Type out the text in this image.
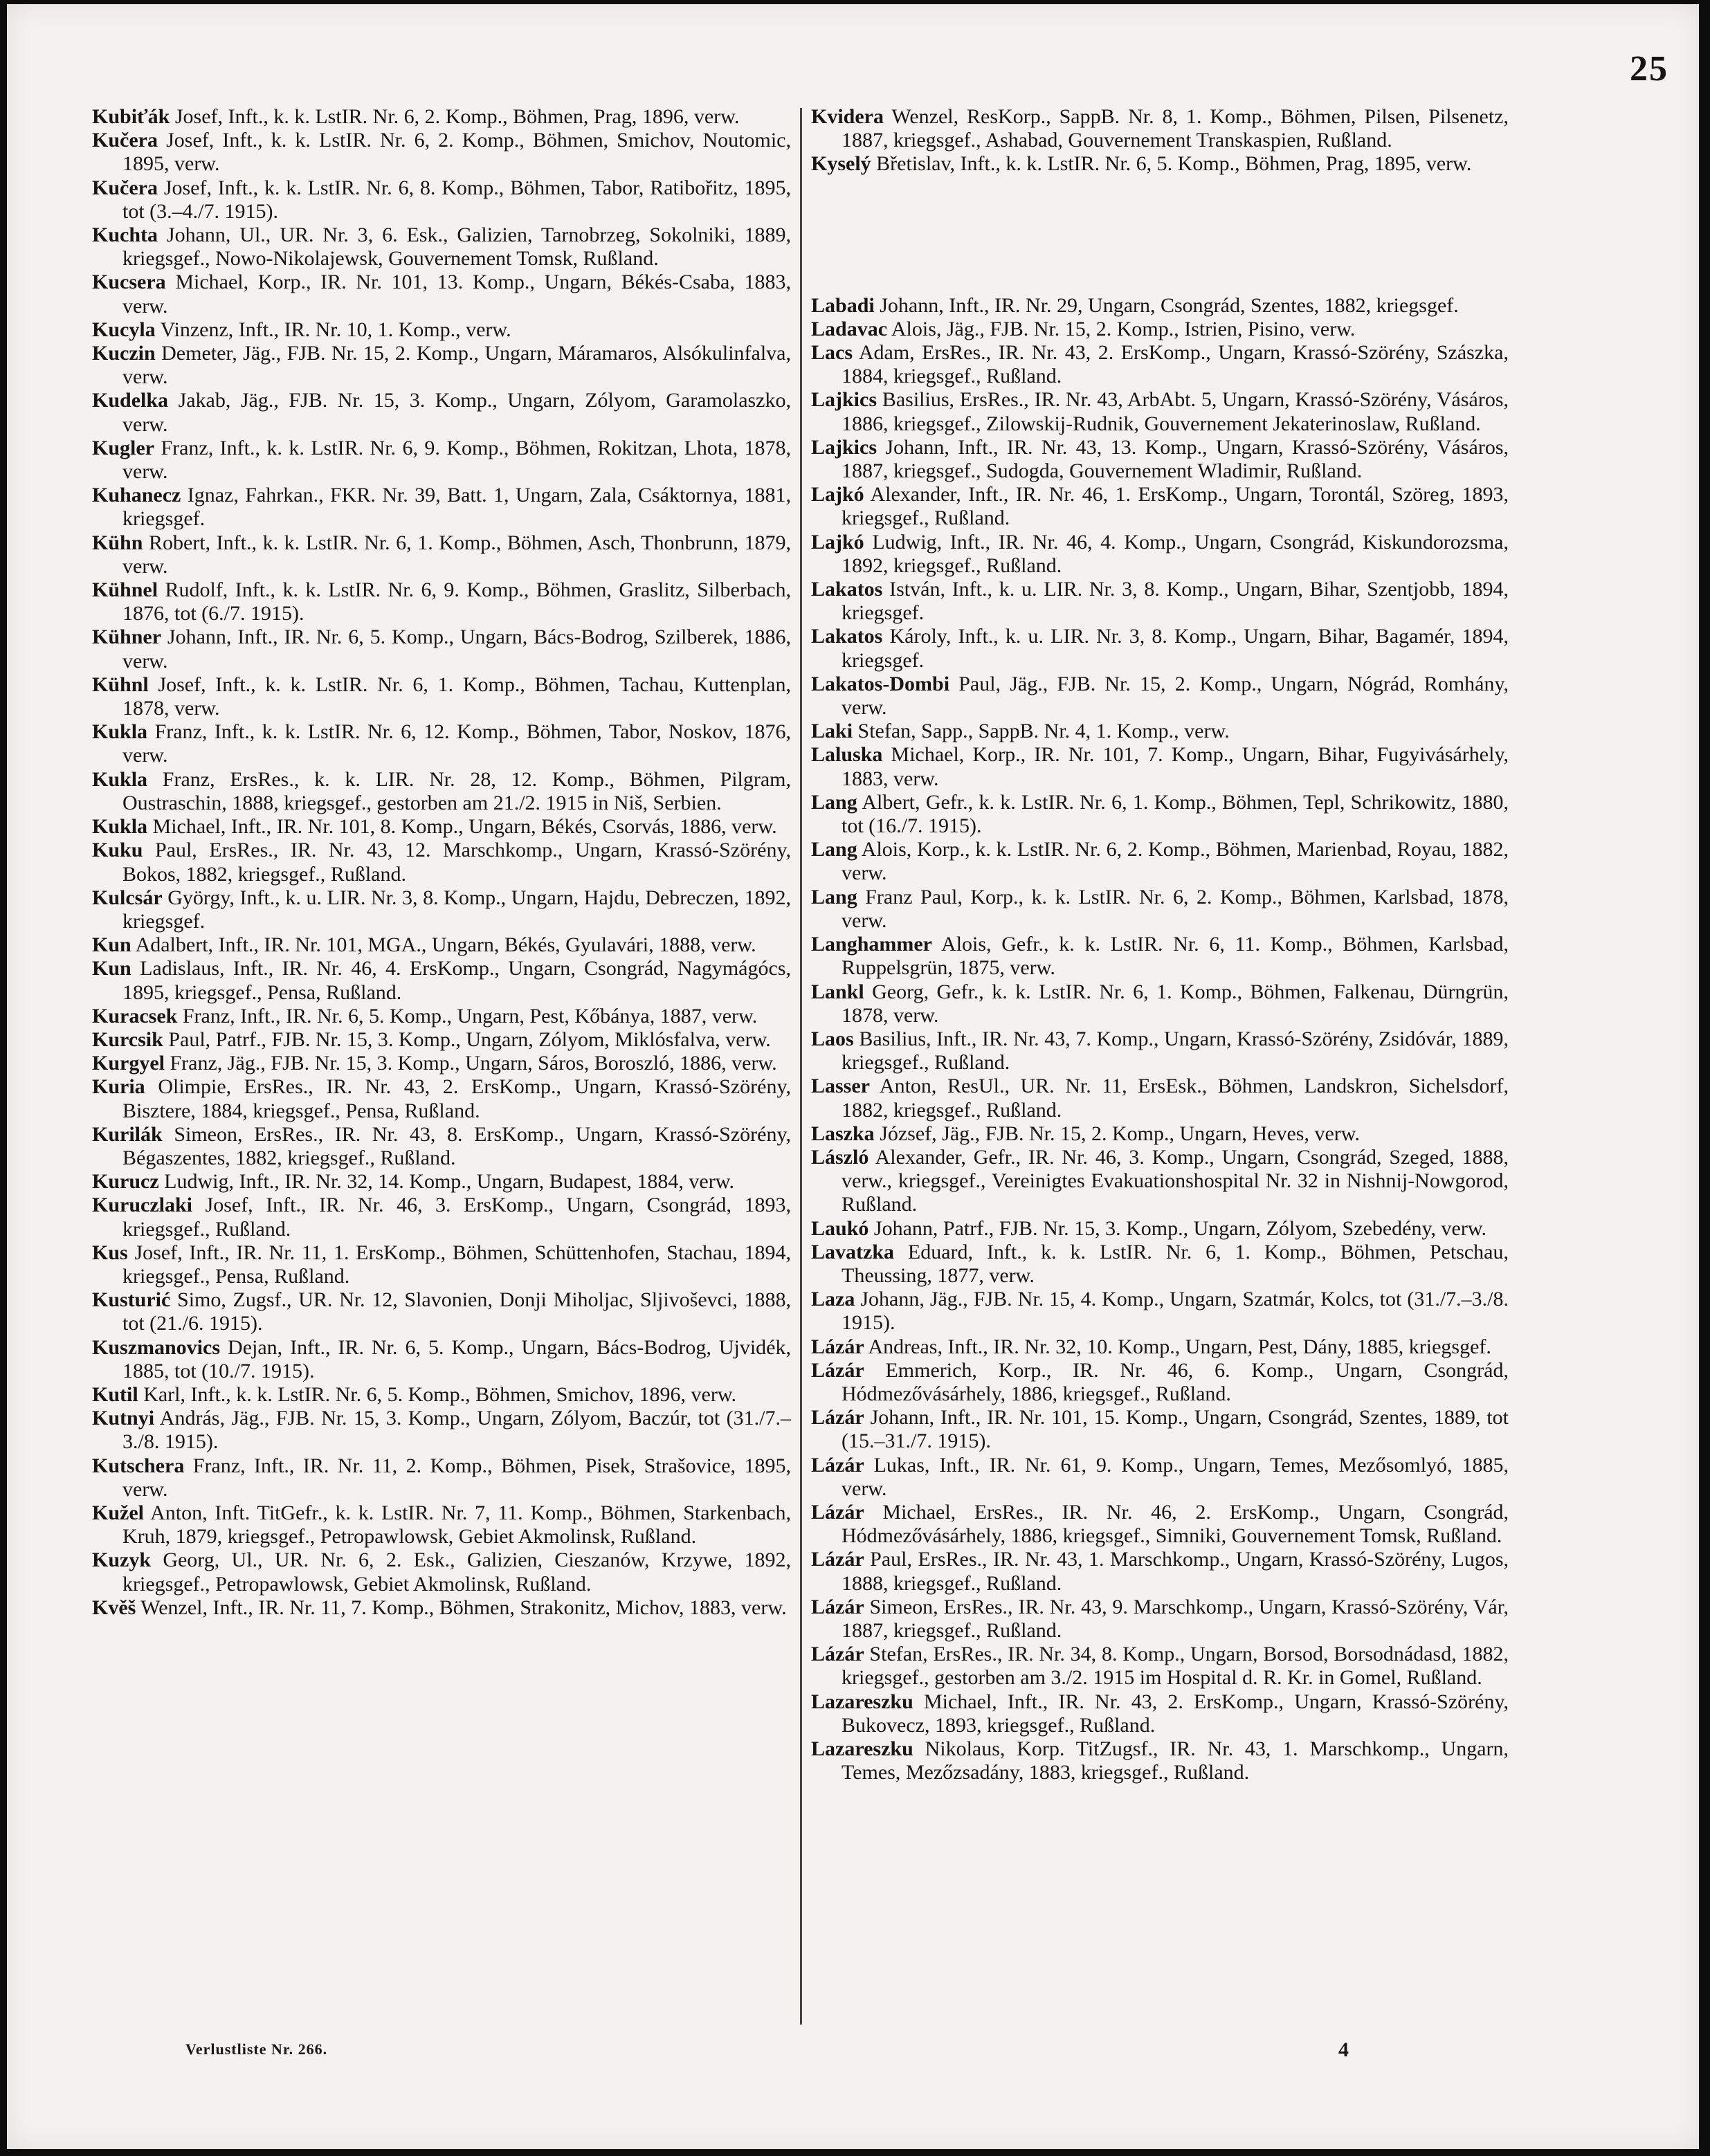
25

Kubiťák Josef, Inft., k. k. LstIR. Nr. 6, 2. Komp., Böhmen, Prag, 1896, verw.

Kučera Josef, Inft., k. k. LstIR. Nr. 6, 2. Komp., Böhmen, Smichov, Noutomic, 1895, verw.

Kučera Josef, Inft., k. k. LstIR. Nr. 6, 8. Komp., Böhmen, Tabor, Ratibořitz, 1895, tot (3.–4./7. 1915).

Kuchta Johann, Ul., UR. Nr. 3, 6. Esk., Galizien, Tarnobrzeg, Sokolniki, 1889, kriegsgef., Nowo-Nikolajewsk, Gouvernement Tomsk, Rußland.

Kucsera Michael, Korp., IR. Nr. 101, 13. Komp., Ungarn, Békés-Csaba, 1883, verw.

Kucyla Vinzenz, Inft., IR. Nr. 10, 1. Komp., verw.

Kuczin Demeter, Jäg., FJB. Nr. 15, 2. Komp., Ungarn, Máramaros, Alsókulinfalva, verw.

Kudelka Jakab, Jäg., FJB. Nr. 15, 3. Komp., Ungarn, Zólyom, Garamolaszko, verw.

Kugler Franz, Inft., k. k. LstIR. Nr. 6, 9. Komp., Böhmen, Rokitzan, Lhota, 1878, verw.

Kuhanecz Ignaz, Fahrkan., FKR. Nr. 39, Batt. 1, Ungarn, Zala, Csáktornya, 1881, kriegsgef.

Kühn Robert, Inft., k. k. LstIR. Nr. 6, 1. Komp., Böhmen, Asch, Thonbrunn, 1879, verw.

Kühnel Rudolf, Inft., k. k. LstIR. Nr. 6, 9. Komp., Böhmen, Graslitz, Silberbach, 1876, tot (6./7. 1915).

Kühner Johann, Inft., IR. Nr. 6, 5. Komp., Ungarn, Bács-Bodrog, Szilberek, 1886, verw.

Kühnl Josef, Inft., k. k. LstIR. Nr. 6, 1. Komp., Böhmen, Tachau, Kuttenplan, 1878, verw.

Kukla Franz, Inft., k. k. LstIR. Nr. 6, 12. Komp., Böhmen, Tabor, Noskov, 1876, verw.

Kukla Franz, ErsRes., k. k. LIR. Nr. 28, 12. Komp., Böhmen, Pilgram, Oustraschin, 1888, kriegsgef., gestorben am 21./2. 1915 in Niš, Serbien.

Kukla Michael, Inft., IR. Nr. 101, 8. Komp., Ungarn, Békés, Csorvás, 1886, verw.

Kuku Paul, ErsRes., IR. Nr. 43, 12. Marschkomp., Ungarn, Krassó-Szörény, Bokos, 1882, kriegsgef., Rußland.

Kulcsár György, Inft., k. u. LIR. Nr. 3, 8. Komp., Ungarn, Hajdu, Debreczen, 1892, kriegsgef.

Kun Adalbert, Inft., IR. Nr. 101, MGA., Ungarn, Békés, Gyulavári, 1888, verw.

Kun Ladislaus, Inft., IR. Nr. 46, 4. ErsKomp., Ungarn, Csongrád, Nagymágócs, 1895, kriegsgef., Pensa, Rußland.

Kuracsek Franz, Inft., IR. Nr. 6, 5. Komp., Ungarn, Pest, Kőbánya, 1887, verw.

Kurcsik Paul, Patrf., FJB. Nr. 15, 3. Komp., Ungarn, Zólyom, Miklósfalva, verw.

Kurgyel Franz, Jäg., FJB. Nr. 15, 3. Komp., Ungarn, Sáros, Boroszló, 1886, verw.

Kuria Olimpie, ErsRes., IR. Nr. 43, 2. ErsKomp., Ungarn, Krassó-Szörény, Bisztere, 1884, kriegsgef., Pensa, Rußland.

Kurilák Simeon, ErsRes., IR. Nr. 43, 8. ErsKomp., Ungarn, Krassó-Szörény, Bégaszentes, 1882, kriegsgef., Rußland.

Kurucz Ludwig, Inft., IR. Nr. 32, 14. Komp., Ungarn, Budapest, 1884, verw.

Kuruczlaki Josef, Inft., IR. Nr. 46, 3. ErsKomp., Ungarn, Csongrád, 1893, kriegsgef., Rußland.

Kus Josef, Inft., IR. Nr. 11, 1. ErsKomp., Böhmen, Schüttenhofen, Stachau, 1894, kriegsgef., Pensa, Rußland.

Kusturić Simo, Zugsf., UR. Nr. 12, Slavonien, Donji Miholjac, Sljivoševci, 1888, tot (21./6. 1915).

Kuszmanovics Dejan, Inft., IR. Nr. 6, 5. Komp., Ungarn, Bács-Bodrog, Ujvidék, 1885, tot (10./7. 1915).

Kutil Karl, Inft., k. k. LstIR. Nr. 6, 5. Komp., Böhmen, Smichov, 1896, verw.

Kutnyi András, Jäg., FJB. Nr. 15, 3. Komp., Ungarn, Zólyom, Baczúr, tot (31./7.–3./8. 1915).

Kutschera Franz, Inft., IR. Nr. 11, 2. Komp., Böhmen, Pisek, Strašovice, 1895, verw.

Kužel Anton, Inft. TitGefr., k. k. LstIR. Nr. 7, 11. Komp., Böhmen, Starkenbach, Kruh, 1879, kriegsgef., Petropawlowsk, Gebiet Akmolinsk, Rußland.

Kuzyk Georg, Ul., UR. Nr. 6, 2. Esk., Galizien, Cieszanów, Krzywe, 1892, kriegsgef., Petropawlowsk, Gebiet Akmolinsk, Rußland.

Kvěš Wenzel, Inft., IR. Nr. 11, 7. Komp., Böhmen, Strakonitz, Michov, 1883, verw.

Kvidera Wenzel, ResKorp., SappB. Nr. 8, 1. Komp., Böhmen, Pilsen, Pilsenetz, 1887, kriegsgef., Ashabad, Gouvernement Transkaspien, Rußland.

Kyselý Břetislav, Inft., k. k. LstIR. Nr. 6, 5. Komp., Böhmen, Prag, 1895, verw.

Labadi Johann, Inft., IR. Nr. 29, Ungarn, Csongrád, Szentes, 1882, kriegsgef.

Ladavac Alois, Jäg., FJB. Nr. 15, 2. Komp., Istrien, Pisino, verw.

Lacs Adam, ErsRes., IR. Nr. 43, 2. ErsKomp., Ungarn, Krassó-Szörény, Szászka, 1884, kriegsgef., Rußland.

Lajkics Basilius, ErsRes., IR. Nr. 43, ArbAbt. 5, Ungarn, Krassó-Szörény, Vásáros, 1886, kriegsgef., Zilowskij-Rudnik, Gouvernement Jekaterinoslaw, Rußland.

Lajkics Johann, Inft., IR. Nr. 43, 13. Komp., Ungarn, Krassó-Szörény, Vásáros, 1887, kriegsgef., Sudogda, Gouvernement Wladimir, Rußland.

Lajkó Alexander, Inft., IR. Nr. 46, 1. ErsKomp., Ungarn, Torontál, Szöreg, 1893, kriegsgef., Rußland.

Lajkó Ludwig, Inft., IR. Nr. 46, 4. Komp., Ungarn, Csongrád, Kiskundorozsma, 1892, kriegsgef., Rußland.

Lakatos István, Inft., k. u. LIR. Nr. 3, 8. Komp., Ungarn, Bihar, Szentjobb, 1894, kriegsgef.

Lakatos Károly, Inft., k. u. LIR. Nr. 3, 8. Komp., Ungarn, Bihar, Bagamér, 1894, kriegsgef.

Lakatos-Dombi Paul, Jäg., FJB. Nr. 15, 2. Komp., Ungarn, Nógrád, Romhány, verw.

Laki Stefan, Sapp., SappB. Nr. 4, 1. Komp., verw.

Laluska Michael, Korp., IR. Nr. 101, 7. Komp., Ungarn, Bihar, Fugyivásárhely, 1883, verw.

Lang Albert, Gefr., k. k. LstIR. Nr. 6, 1. Komp., Böhmen, Tepl, Schrikowitz, 1880, tot (16./7. 1915).

Lang Alois, Korp., k. k. LstIR. Nr. 6, 2. Komp., Böhmen, Marienbad, Royau, 1882, verw.

Lang Franz Paul, Korp., k. k. LstIR. Nr. 6, 2. Komp., Böhmen, Karlsbad, 1878, verw.

Langhammer Alois, Gefr., k. k. LstIR. Nr. 6, 11. Komp., Böhmen, Karlsbad, Ruppelsgrün, 1875, verw.

Lankl Georg, Gefr., k. k. LstIR. Nr. 6, 1. Komp., Böhmen, Falkenau, Dürngrün, 1878, verw.

Laos Basilius, Inft., IR. Nr. 43, 7. Komp., Ungarn, Krassó-Szörény, Zsidóvár, 1889, kriegsgef., Rußland.

Lasser Anton, ResUl., UR. Nr. 11, ErsEsk., Böhmen, Landskron, Sichelsdorf, 1882, kriegsgef., Rußland.

Laszka József, Jäg., FJB. Nr. 15, 2. Komp., Ungarn, Heves, verw.

László Alexander, Gefr., IR. Nr. 46, 3. Komp., Ungarn, Csongrád, Szeged, 1888, verw., kriegsgef., Vereinigtes Evakuationshospital Nr. 32 in Nishnij-Nowgorod, Rußland.

Laukó Johann, Patrf., FJB. Nr. 15, 3. Komp., Ungarn, Zólyom, Szebedény, verw.

Lavatzka Eduard, Inft., k. k. LstIR. Nr. 6, 1. Komp., Böhmen, Petschau, Theussing, 1877, verw.

Laza Johann, Jäg., FJB. Nr. 15, 4. Komp., Ungarn, Szatmár, Kolcs, tot (31./7.–3./8. 1915).

Lázár Andreas, Inft., IR. Nr. 32, 10. Komp., Ungarn, Pest, Dány, 1885, kriegsgef.

Lázár Emmerich, Korp., IR. Nr. 46, 6. Komp., Ungarn, Csongrád, Hódmezővásárhely, 1886, kriegsgef., Rußland.

Lázár Johann, Inft., IR. Nr. 101, 15. Komp., Ungarn, Csongrád, Szentes, 1889, tot (15.–31./7. 1915).

Lázár Lukas, Inft., IR. Nr. 61, 9. Komp., Ungarn, Temes, Mezősomlyó, 1885, verw.

Lázár Michael, ErsRes., IR. Nr. 46, 2. ErsKomp., Ungarn, Csongrád, Hódmezővásárhely, 1886, kriegsgef., Simniki, Gouvernement Tomsk, Rußland.

Lázár Paul, ErsRes., IR. Nr. 43, 1. Marschkomp., Ungarn, Krassó-Szörény, Lugos, 1888, kriegsgef., Rußland.

Lázár Simeon, ErsRes., IR. Nr. 43, 9. Marschkomp., Ungarn, Krassó-Szörény, Vár, 1887, kriegsgef., Rußland.

Lázár Stefan, ErsRes., IR. Nr. 34, 8. Komp., Ungarn, Borsod, Borsodnádasd, 1882, kriegsgef., gestorben am 3./2. 1915 im Hospital d. R. Kr. in Gomel, Rußland.

Lazareszku Michael, Inft., IR. Nr. 43, 2. ErsKomp., Ungarn, Krassó-Szörény, Bukovecz, 1893, kriegsgef., Rußland.

Lazareszku Nikolaus, Korp. TitZugsf., IR. Nr. 43, 1. Marschkomp., Ungarn, Temes, Mezőzsadány, 1883, kriegsgef., Rußland.

Verlustliste Nr. 266.	4
